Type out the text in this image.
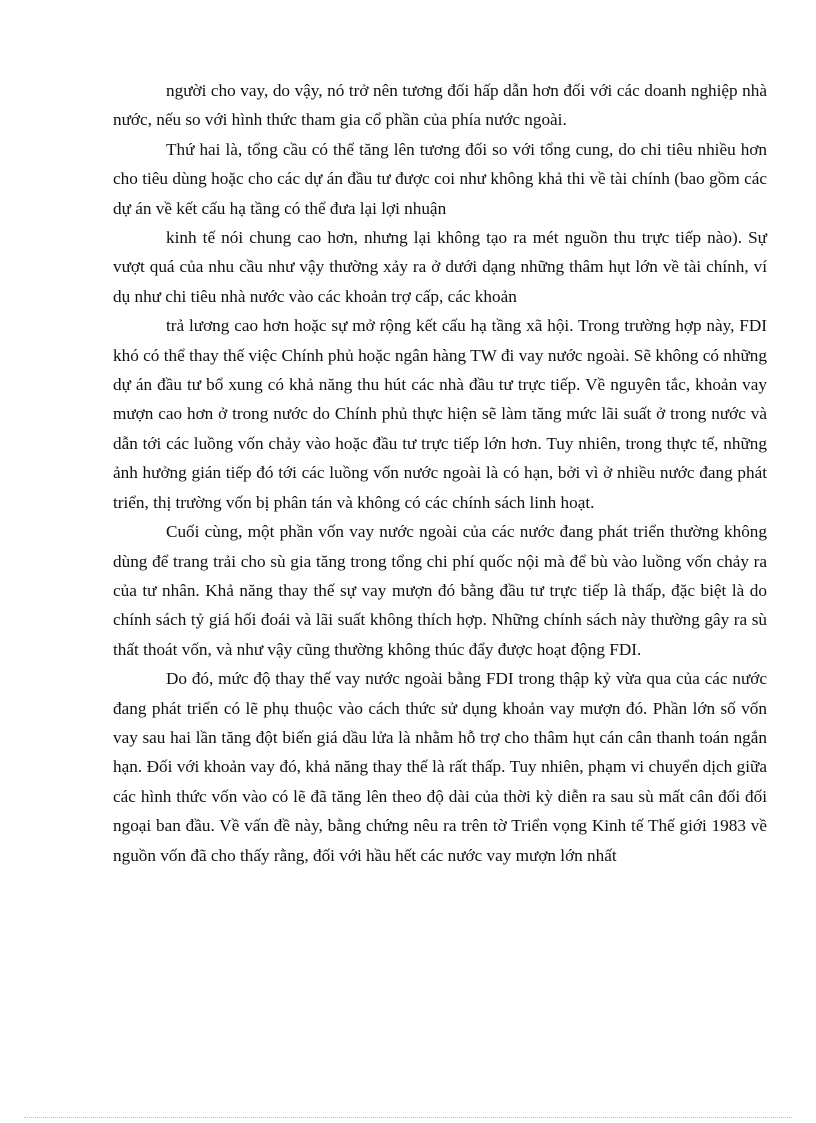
người cho vay, do vậy, nó trở nên tương đối hấp dẫn hơn đối với các doanh nghiệp nhà nước, nếu so với hình thức tham gia cổ phần của phía nước ngoài.

Thứ hai là, tổng cầu có thể tăng lên tương đối so với tổng cung, do chi tiêu nhiều hơn cho tiêu dùng hoặc cho các dự án đầu tư được coi như không khả thi về tài chính (bao gồm các dự án về kết cấu hạ tầng có thể đưa lại lợi nhuận

kinh tế nói chung cao hơn, nhưng lại không tạo ra mét nguồn thu trực tiếp nào). Sự vượt quá của nhu cầu như vậy thường xảy ra ở dưới dạng những thâm hụt lớn về tài chính, ví dụ như chi tiêu nhà nước vào các khoản trợ cấp, các khoản

trả lương cao hơn hoặc sự mở rộng kết cấu hạ tầng xã hội. Trong trường hợp này, FDI khó có thể thay thế việc Chính phủ hoặc ngân hàng TW đi vay nước ngoài. Sẽ không có những dự án đầu tư bổ xung có khả năng thu hút các nhà đầu tư trực tiếp. Về nguyên tắc, khoản vay mượn cao hơn ở trong nước do Chính phủ thực hiện sẽ làm tăng mức lãi suất ở trong nước và dẫn tới các luồng vốn chảy vào hoặc đầu tư trực tiếp lớn hơn. Tuy nhiên, trong thực tế, những ảnh hưởng gián tiếp đó tới các luồng vốn nước ngoài là có hạn, bởi vì ở nhiều nước đang phát triển, thị trường vốn bị phân tán và không có các chính sách linh hoạt.

Cuối cùng, một phần vốn vay nước ngoài của các nước đang phát triển thường không dùng để trang trải cho sù gia tăng trong tổng chi phí quốc nội mà để bù vào luồng vốn chảy ra của tư nhân. Khả năng thay thế sự vay mượn đó bằng đầu tư trực tiếp là thấp, đặc biệt là do chính sách tỷ giá hối đoái và lãi suất không thích hợp. Những chính sách này thường gây ra sù thất thoát vốn, và như vậy cũng thường không thúc đẩy được hoạt động FDI.

Do đó, mức độ thay thế vay nước ngoài bằng FDI trong thập kỷ vừa qua của các nước đang phát triển có lẽ phụ thuộc vào cách thức sử dụng khoản vay mượn đó. Phần lớn số vốn vay sau hai lần tăng đột biến giá dầu lửa là nhằm hỗ trợ cho thâm hụt cán cân thanh toán ngắn hạn. Đối với khoản vay đó, khả năng thay thế là rất thấp. Tuy nhiên, phạm vi chuyển dịch giữa các hình thức vốn vào có lẽ đã tăng lên theo độ dài của thời kỳ diễn ra sau sù mất cân đối đối ngoại ban đầu. Về vấn đề này, bằng chứng nêu ra trên tờ Triển vọng Kinh tế Thế giới 1983 về nguồn vốn đã cho thấy rằng, đối với hầu hết các nước vay mượn lớn nhất
